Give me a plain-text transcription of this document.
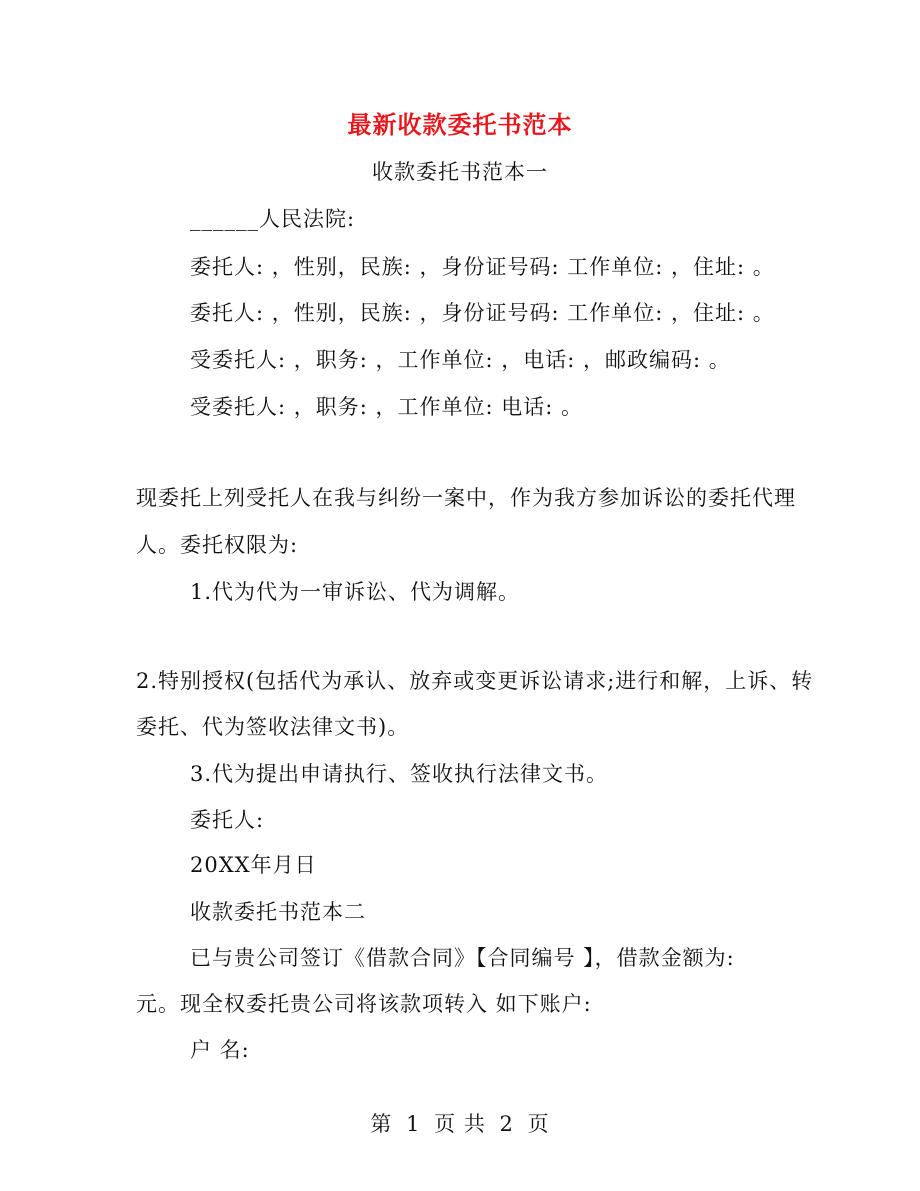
最新收款委托书范本
收款委托书范本一
______人民法院:
委托人: ，性别，民族: ，身份证号码: 工作单位: ，住址: 。
委托人: ，性别，民族: ，身份证号码: 工作单位: ，住址: 。
受委托人: ，职务: ，工作单位: ，电话: ，邮政编码: 。
受委托人: ，职务: ，工作单位: 电话: 。
现委托上列受托人在我与纠纷一案中，作为我方参加诉讼的委托代理
人。委托权限为:
1.代为代为一审诉讼、代为调解。
2.特别授权(包括代为承认、放弃或变更诉讼请求;进行和解，上诉、转
委托、代为签收法律文书)。
3.代为提出申请执行、签收执行法律文书。
委托人:
20XX年月日
收款委托书范本二
已与贵公司签订《借款合同》【合同编号 】，借款金额为:
元。现全权委托贵公司将该款项转入 如下账户:
户 名:
第 1 页 共 2 页
